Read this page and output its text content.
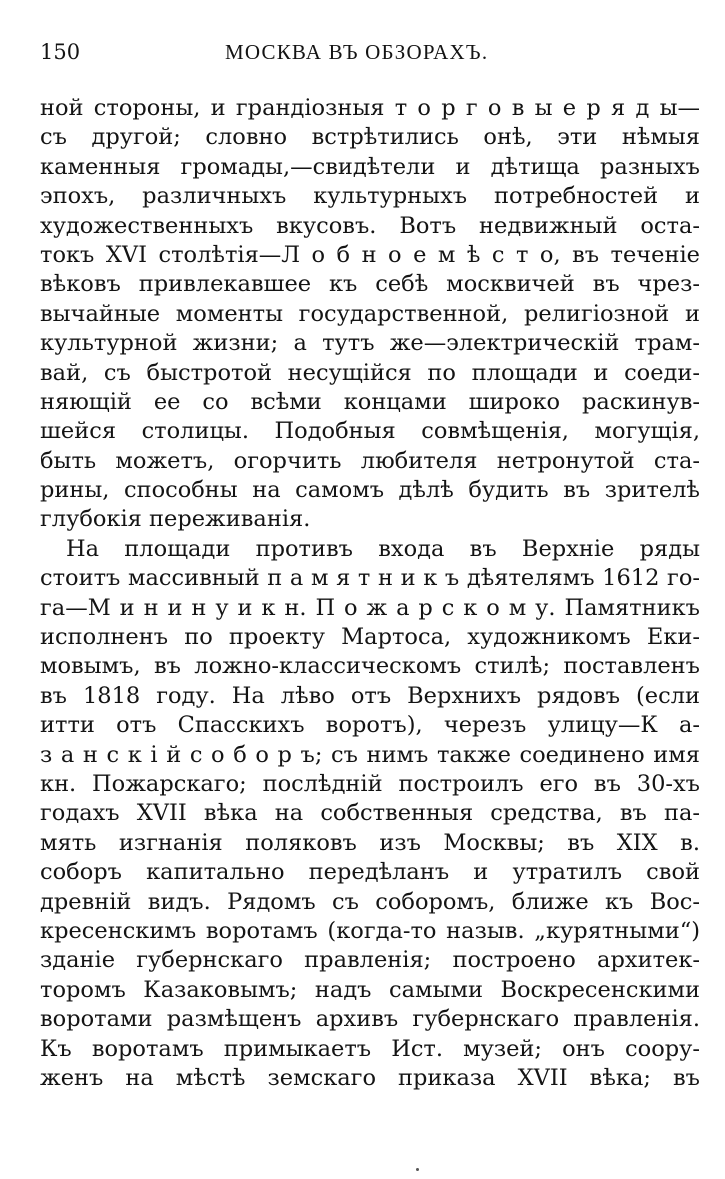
150	МОСКВА ВЪ ОБЗОРАХЪ.
ной стороны, и грандіозныя т о р г о в ы е р я д ы—
съ другой; словно встрѣтились онѣ, эти нѣмыя
каменныя громады,—свидѣтели и дѣтища разныхъ
эпохъ, различныхъ культурныхъ потребностей и
художественныхъ вкусовъ. Вотъ недвижный оста-
токъ XVI столѣтія—Л о б н о е м ѣ с т о, въ теченіе
вѣковъ привлекавшее къ себѣ москвичей въ чрез-
вычайные моменты государственной, религіозной и
культурной жизни; а тутъ же—электрическій трам-
вай, съ быстротой несущійся по площади и соеди-
няющій ее со всѣми концами широко раскинув-
шейся столицы. Подобныя совмѣщенія, могущія,
быть можетъ, огорчить любителя нетронутой ста-
рины, способны на самомъ дѣлѣ будить въ зрителѣ
глубокія переживанія.
На площади противъ входа въ Верхніе ряды
стоитъ массивный п а м я т н и к ъ дѣятелямъ 1612 го-
га—М и н и н у и к н. П о ж а р с к о м у. Памятникъ
исполненъ по проекту Мартоса, художникомъ Еки-
мовымъ, въ ложно-классическомъ стилѣ; поставленъ
въ 1818 году. На лѣво отъ Верхнихъ рядовъ (если
итти отъ Спасскихъ воротъ), черезъ улицу—К а-
з а н с к і й с о б о р ъ; съ нимъ также соединено имя
кн. Пожарскаго; послѣдній построилъ его въ 30-хъ
годахъ XVII вѣка на собственныя средства, въ па-
мять изгнанія поляковъ изъ Москвы; въ XIX в.
соборъ капитально передѣланъ и утратилъ свой
древній видъ. Рядомъ съ соборомъ, ближе къ Вос-
кресенскимъ воротамъ (когда-то назыв. „курятными“)
зданіе губернскаго правленія; построено архитек-
торомъ Казаковымъ; надъ самыми Воскресенскими
воротами размѣщенъ архивъ губернскаго правленія.
Къ воротамъ примыкаетъ Ист. музей; онъ соору-
женъ на мѣстѣ земскаго приказа XVII вѣка; въ
